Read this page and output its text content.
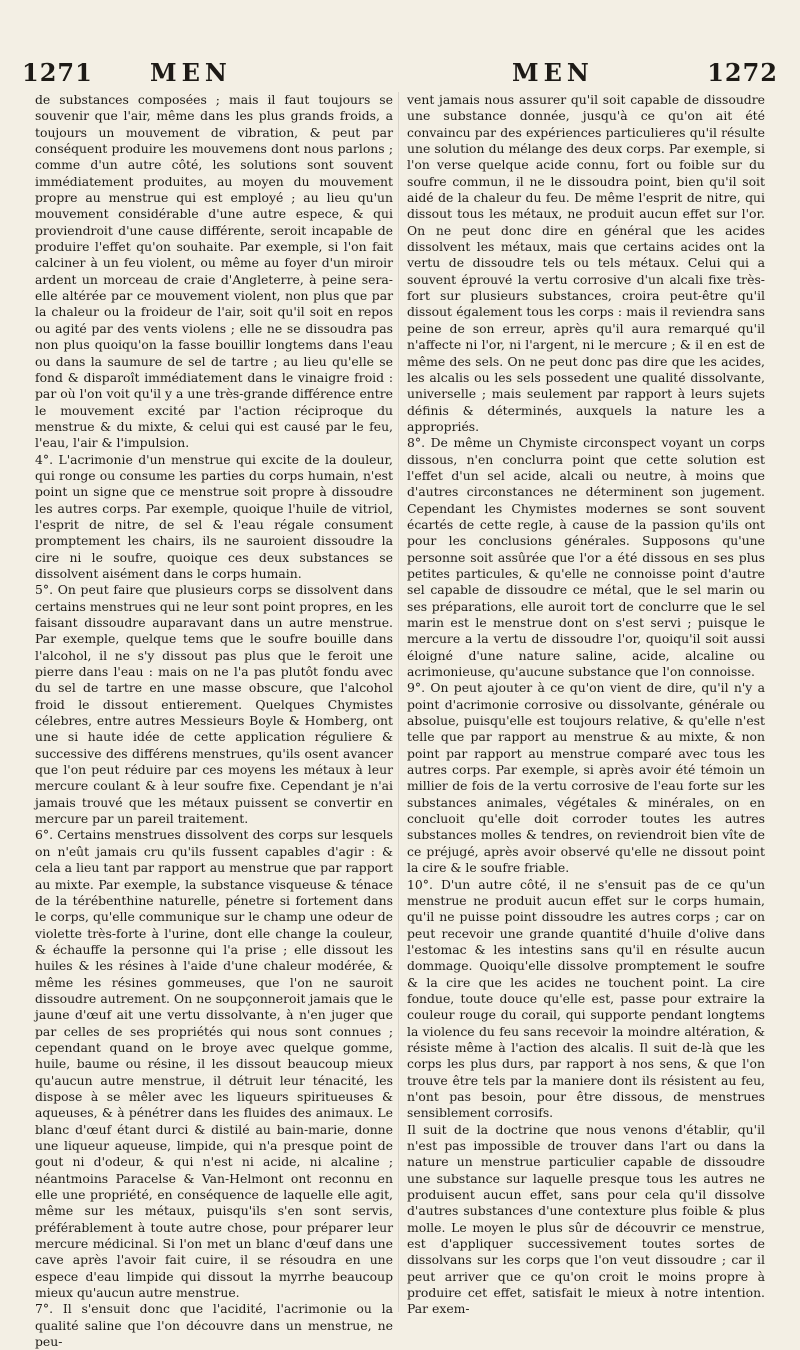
1271 MEN	MEN	1272

de substances composées ; mais il faut toujours se souvenir que l'air, même dans les plus grands froids, a toujours un mouvement de vibration, & peut par conséquent produire les mouvemens dont nous parlons ; comme d'un autre côté, les solutions sont souvent immédiatement produites, au moyen du mouvement propre au menstrue qui est employé ; au lieu qu'un mouvement considérable d'une autre espece, & qui proviendroit d'une cause différente, seroit incapable de produire l'effet qu'on souhaite. Par exemple, si l'on fait calciner à un feu violent, ou même au foyer d'un miroir ardent un morceau de craie d'Angleterre, à peine sera-elle altérée par ce mouvement violent, non plus que par la chaleur ou la froideur de l'air, soit qu'il soit en repos ou agité par des vents violens ; elle ne se dissoudra pas non plus quoiqu'on la fasse bouillir longtems dans l'eau ou dans la saumure de sel de tartre ; au lieu qu'elle se fond & disparoît immédiatement dans le vinaigre froid : par où l'on voit qu'il y a une très-grande différence entre le mouvement excité par l'action réciproque du menstrue & du mixte, & celui qui est causé par le feu, l'eau, l'air & l'impulsion.

4°. L'acrimonie d'un menstrue qui excite de la douleur, qui ronge ou consume les parties du corps humain, n'est point un signe que ce menstrue soit propre à dissoudre les autres corps. Par exemple, quoique l'huile de vitriol, l'esprit de nitre, de sel & l'eau régale consument promptement les chairs, ils ne sauroient dissoudre la cire ni le soufre, quoique ces deux substances se dissolvent aisément dans le corps humain.

5°. On peut faire que plusieurs corps se dissolvent dans certains menstrues qui ne leur sont point propres, en les faisant dissoudre auparavant dans un autre menstrue. Par exemple, quelque tems que le soufre bouille dans l'alcohol, il ne s'y dissout pas plus que le feroit une pierre dans l'eau : mais on ne l'a pas plutôt fondu avec du sel de tartre en une masse obscure, que l'alcohol froid le dissout entierement. Quelques Chymistes célebres, entre autres Messieurs Boyle & Homberg, ont une si haute idée de cette application réguliere & successive des différens menstrues, qu'ils osent avancer que l'on peut réduire par ces moyens les métaux à leur mercure coulant & à leur soufre fixe. Cependant je n'ai jamais trouvé que les métaux puissent se convertir en mercure par un pareil traitement.

6°. Certains menstrues dissolvent des corps sur lesquels on n'eût jamais cru qu'ils fussent capables d'agir : & cela a lieu tant par rapport au menstrue que par rapport au mixte. Par exemple, la substance visqueuse & ténace de la térébenthine naturelle, pénetre si fortement dans le corps, qu'elle communique sur le champ une odeur de violette très-forte à l'urine, dont elle change la couleur, & échauffe la personne qui l'a prise ; elle dissout les huiles & les résines à l'aide d'une chaleur modérée, & même les résines gommeuses, que l'on ne sauroit dissoudre autrement. On ne soupçonneroit jamais que le jaune d'œuf ait une vertu dissolvante, à n'en juger que par celles de ses propriétés qui nous sont connues ; cependant quand on le broye avec quelque gomme, huile, baume ou résine, il les dissout beaucoup mieux qu'aucun autre menstrue, il détruit leur ténacité, les dispose à se mêler avec les liqueurs spiritueuses & aqueuses, & à pénétrer dans les fluides des animaux. Le blanc d'œuf étant durci & distilé au bain-marie, donne une liqueur aqueuse, limpide, qui n'a presque point de gout ni d'odeur, & qui n'est ni acide, ni alcaline ; néantmoins Paracelse & Van-Helmont ont reconnu en elle une propriété, en conséquence de laquelle elle agit, même sur les métaux, puisqu'ils s'en sont servis, préférablement à toute autre chose, pour préparer leur mercure médicinal. Si l'on met un blanc d'œuf dans une cave après l'avoir fait cuire, il se résoudra en une espece d'eau limpide qui dissout la myrrhe beaucoup mieux qu'aucun autre menstrue.

7°. Il s'ensuit donc que l'acidité, l'acrimonie ou la qualité saline que l'on découvre dans un menstrue, ne peu-

vent jamais nous assurer qu'il soit capable de dissoudre une substance donnée, jusqu'à ce qu'on ait été convaincu par des expériences particulieres qu'il résulte une solution du mélange des deux corps. Par exemple, si l'on verse quelque acide connu, fort ou foible sur du soufre commun, il ne le dissoudra point, bien qu'il soit aidé de la chaleur du feu. De même l'esprit de nitre, qui dissout tous les métaux, ne produit aucun effet sur l'or. On ne peut donc dire en général que les acides dissolvent les métaux, mais que certains acides ont la vertu de dissoudre tels ou tels métaux. Celui qui a souvent éprouvé la vertu corrosive d'un alcali fixe très-fort sur plusieurs substances, croira peut-être qu'il dissout également tous les corps : mais il reviendra sans peine de son erreur, après qu'il aura remarqué qu'il n'affecte ni l'or, ni l'argent, ni le mercure ; & il en est de même des sels. On ne peut donc pas dire que les acides, les alcalis ou les sels possedent une qualité dissolvante, universelle ; mais seulement par rapport à leurs sujets définis & déterminés, auxquels la nature les a appropriés.

8°. De même un Chymiste circonspect voyant un corps dissous, n'en conclurra point que cette solution est l'effet d'un sel acide, alcali ou neutre, à moins que d'autres circonstances ne déterminent son jugement. Cependant les Chymistes modernes se sont souvent écartés de cette regle, à cause de la passion qu'ils ont pour les conclusions générales. Supposons qu'une personne soit assûrée que l'or a été dissous en ses plus petites particules, & qu'elle ne connoisse point d'autre sel capable de dissoudre ce métal, que le sel marin ou ses préparations, elle auroit tort de conclurre que le sel marin est le menstrue dont on s'est servi ; puisque le mercure a la vertu de dissoudre l'or, quoiqu'il soit aussi éloigné d'une nature saline, acide, alcaline ou acrimonieuse, qu'aucune substance que l'on connoisse.

9°. On peut ajouter à ce qu'on vient de dire, qu'il n'y a point d'acrimonie corrosive ou dissolvante, générale ou absolue, puisqu'elle est toujours relative, & qu'elle n'est telle que par rapport au menstrue & au mixte, & non point par rapport au menstrue comparé avec tous les autres corps. Par exemple, si après avoir été témoin un millier de fois de la vertu corrosive de l'eau forte sur les substances animales, végétales & minérales, on en concluoit qu'elle doit corroder toutes les autres substances molles & tendres, on reviendroit bien vîte de ce préjugé, après avoir observé qu'elle ne dissout point la cire & le soufre friable.

10°. D'un autre côté, il ne s'ensuit pas de ce qu'un menstrue ne produit aucun effet sur le corps humain, qu'il ne puisse point dissoudre les autres corps ; car on peut recevoir une grande quantité d'huile d'olive dans l'estomac & les intestins sans qu'il en résulte aucun dommage. Quoiqu'elle dissolve promptement le soufre & la cire que les acides ne touchent point. La cire fondue, toute douce qu'elle est, passe pour extraire la couleur rouge du corail, qui supporte pendant longtems la violence du feu sans recevoir la moindre altération, & résiste même à l'action des alcalis. Il suit de-là que les corps les plus durs, par rapport à nos sens, & que l'on trouve être tels par la maniere dont ils résistent au feu, n'ont pas besoin, pour être dissous, de menstrues sensiblement corrosifs.

Il suit de la doctrine que nous venons d'établir, qu'il n'est pas impossible de trouver dans l'art ou dans la nature un menstrue particulier capable de dissoudre une substance sur laquelle presque tous les autres ne produisent aucun effet, sans pour cela qu'il dissolve d'autres substances d'une contexture plus foible & plus molle. Le moyen le plus sûr de découvrir ce menstrue, est d'appliquer successivement toutes sortes de dissolvans sur les corps que l'on veut dissoudre ; car il peut arriver que ce qu'on croit le moins propre à produire cet effet, satisfait le mieux à notre intention. Par exem-
